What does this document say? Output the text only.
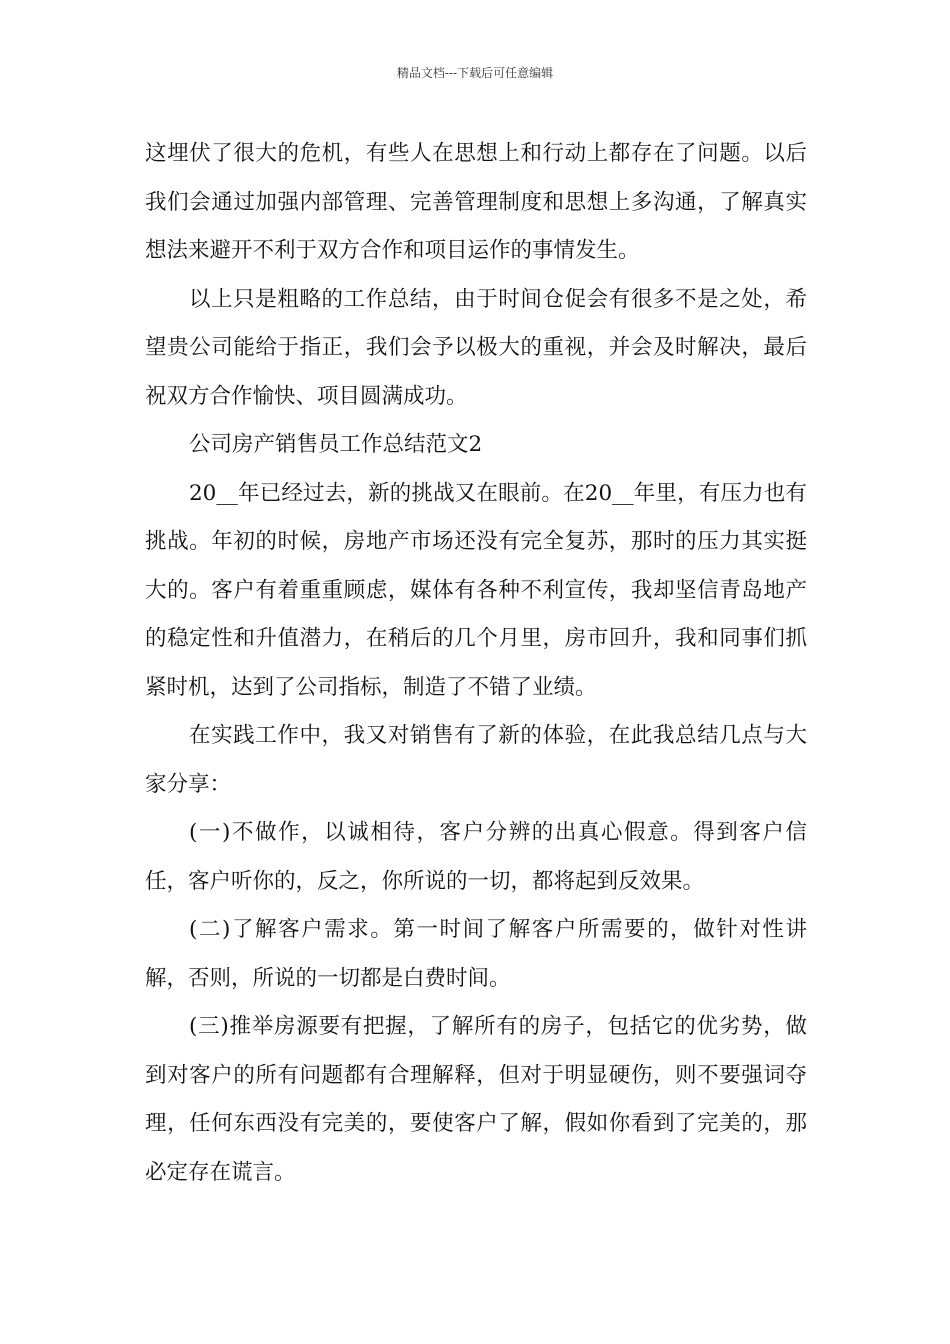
精品文档---下载后可任意编辑

这埋伏了很大的危机，有些人在思想上和行动上都存在了问题。以后我们会通过加强内部管理、完善管理制度和思想上多沟通，了解真实想法来避开不利于双方合作和项目运作的事情发生。

以上只是粗略的工作总结，由于时间仓促会有很多不是之处，希望贵公司能给于指正，我们会予以极大的重视，并会及时解决，最后祝双方合作愉快、项目圆满成功。

公司房产销售员工作总结范文2

20__年已经过去，新的挑战又在眼前。在20__年里，有压力也有挑战。年初的时候，房地产市场还没有完全复苏，那时的压力其实挺大的。客户有着重重顾虑，媒体有各种不利宣传，我却坚信青岛地产的稳定性和升值潜力，在稍后的几个月里，房市回升，我和同事们抓紧时机，达到了公司指标，制造了不错了业绩。

在实践工作中，我又对销售有了新的体验，在此我总结几点与大家分享：

(一)不做作，以诚相待，客户分辨的出真心假意。得到客户信任，客户听你的，反之，你所说的一切，都将起到反效果。

(二)了解客户需求。第一时间了解客户所需要的，做针对性讲解，否则，所说的一切都是白费时间。

(三)推举房源要有把握，了解所有的房子，包括它的优劣势，做到对客户的所有问题都有合理解释，但对于明显硬伤，则不要强词夺理，任何东西没有完美的，要使客户了解，假如你看到了完美的，那必定存在谎言。
